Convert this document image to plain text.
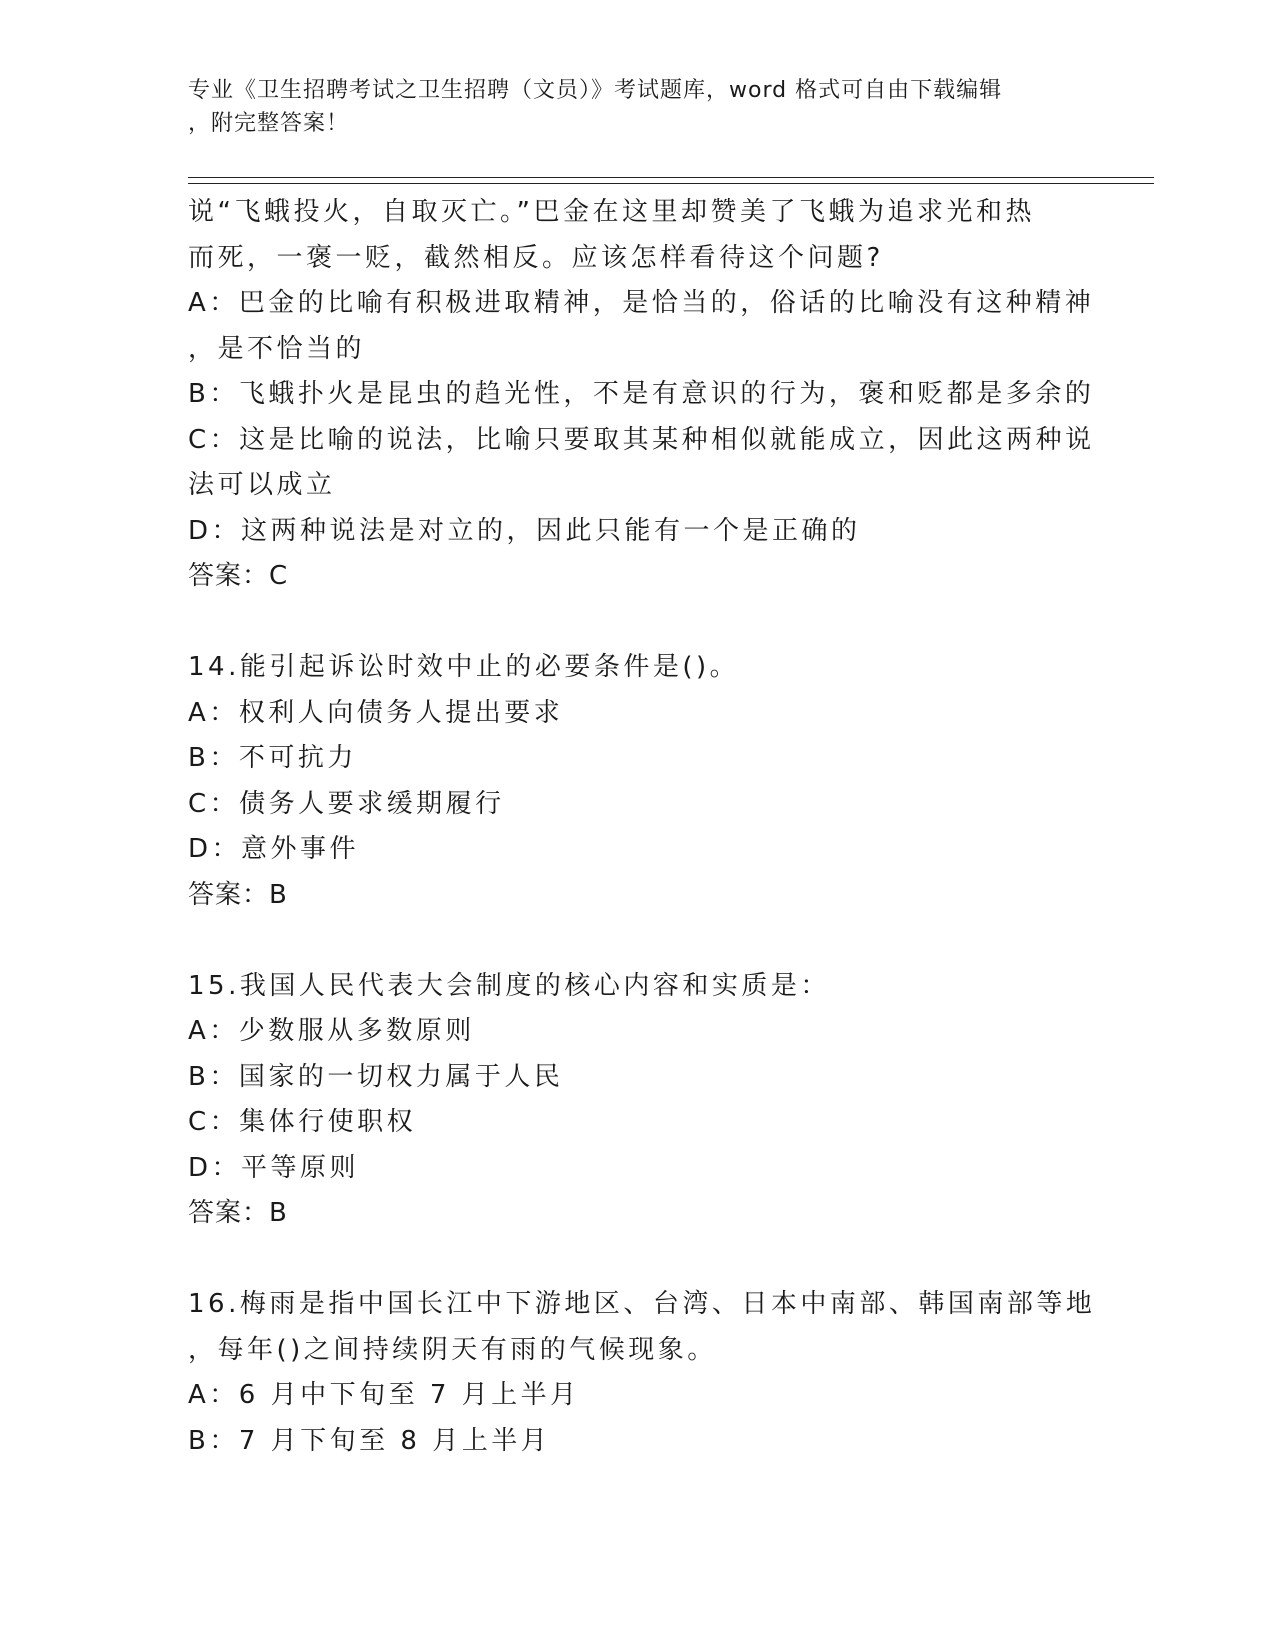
专业《卫生招聘考试之卫生招聘（文员）》考试题库，word 格式可自由下载编辑
，附完整答案！
说“飞蛾投火，自取灭亡。”巴金在这里却赞美了飞蛾为追求光和热
而死，一褒一贬，截然相反。应该怎样看待这个问题?
A：巴金的比喻有积极进取精神，是恰当的，俗话的比喻没有这种精神
，是不恰当的
B：飞蛾扑火是昆虫的趋光性，不是有意识的行为，褒和贬都是多余的
C：这是比喻的说法，比喻只要取其某种相似就能成立，因此这两种说
法可以成立
D：这两种说法是对立的，因此只能有一个是正确的
答案：C
14.能引起诉讼时效中止的必要条件是()。
A：权利人向债务人提出要求
B：不可抗力
C：债务人要求缓期履行
D：意外事件
答案：B
15.我国人民代表大会制度的核心内容和实质是：
A：少数服从多数原则
B：国家的一切权力属于人民
C：集体行使职权
D：平等原则
答案：B
16.梅雨是指中国长江中下游地区、台湾、日本中南部、韩国南部等地
，每年()之间持续阴天有雨的气候现象。
A：6 月中下旬至 7 月上半月
B：7 月下旬至 8 月上半月
